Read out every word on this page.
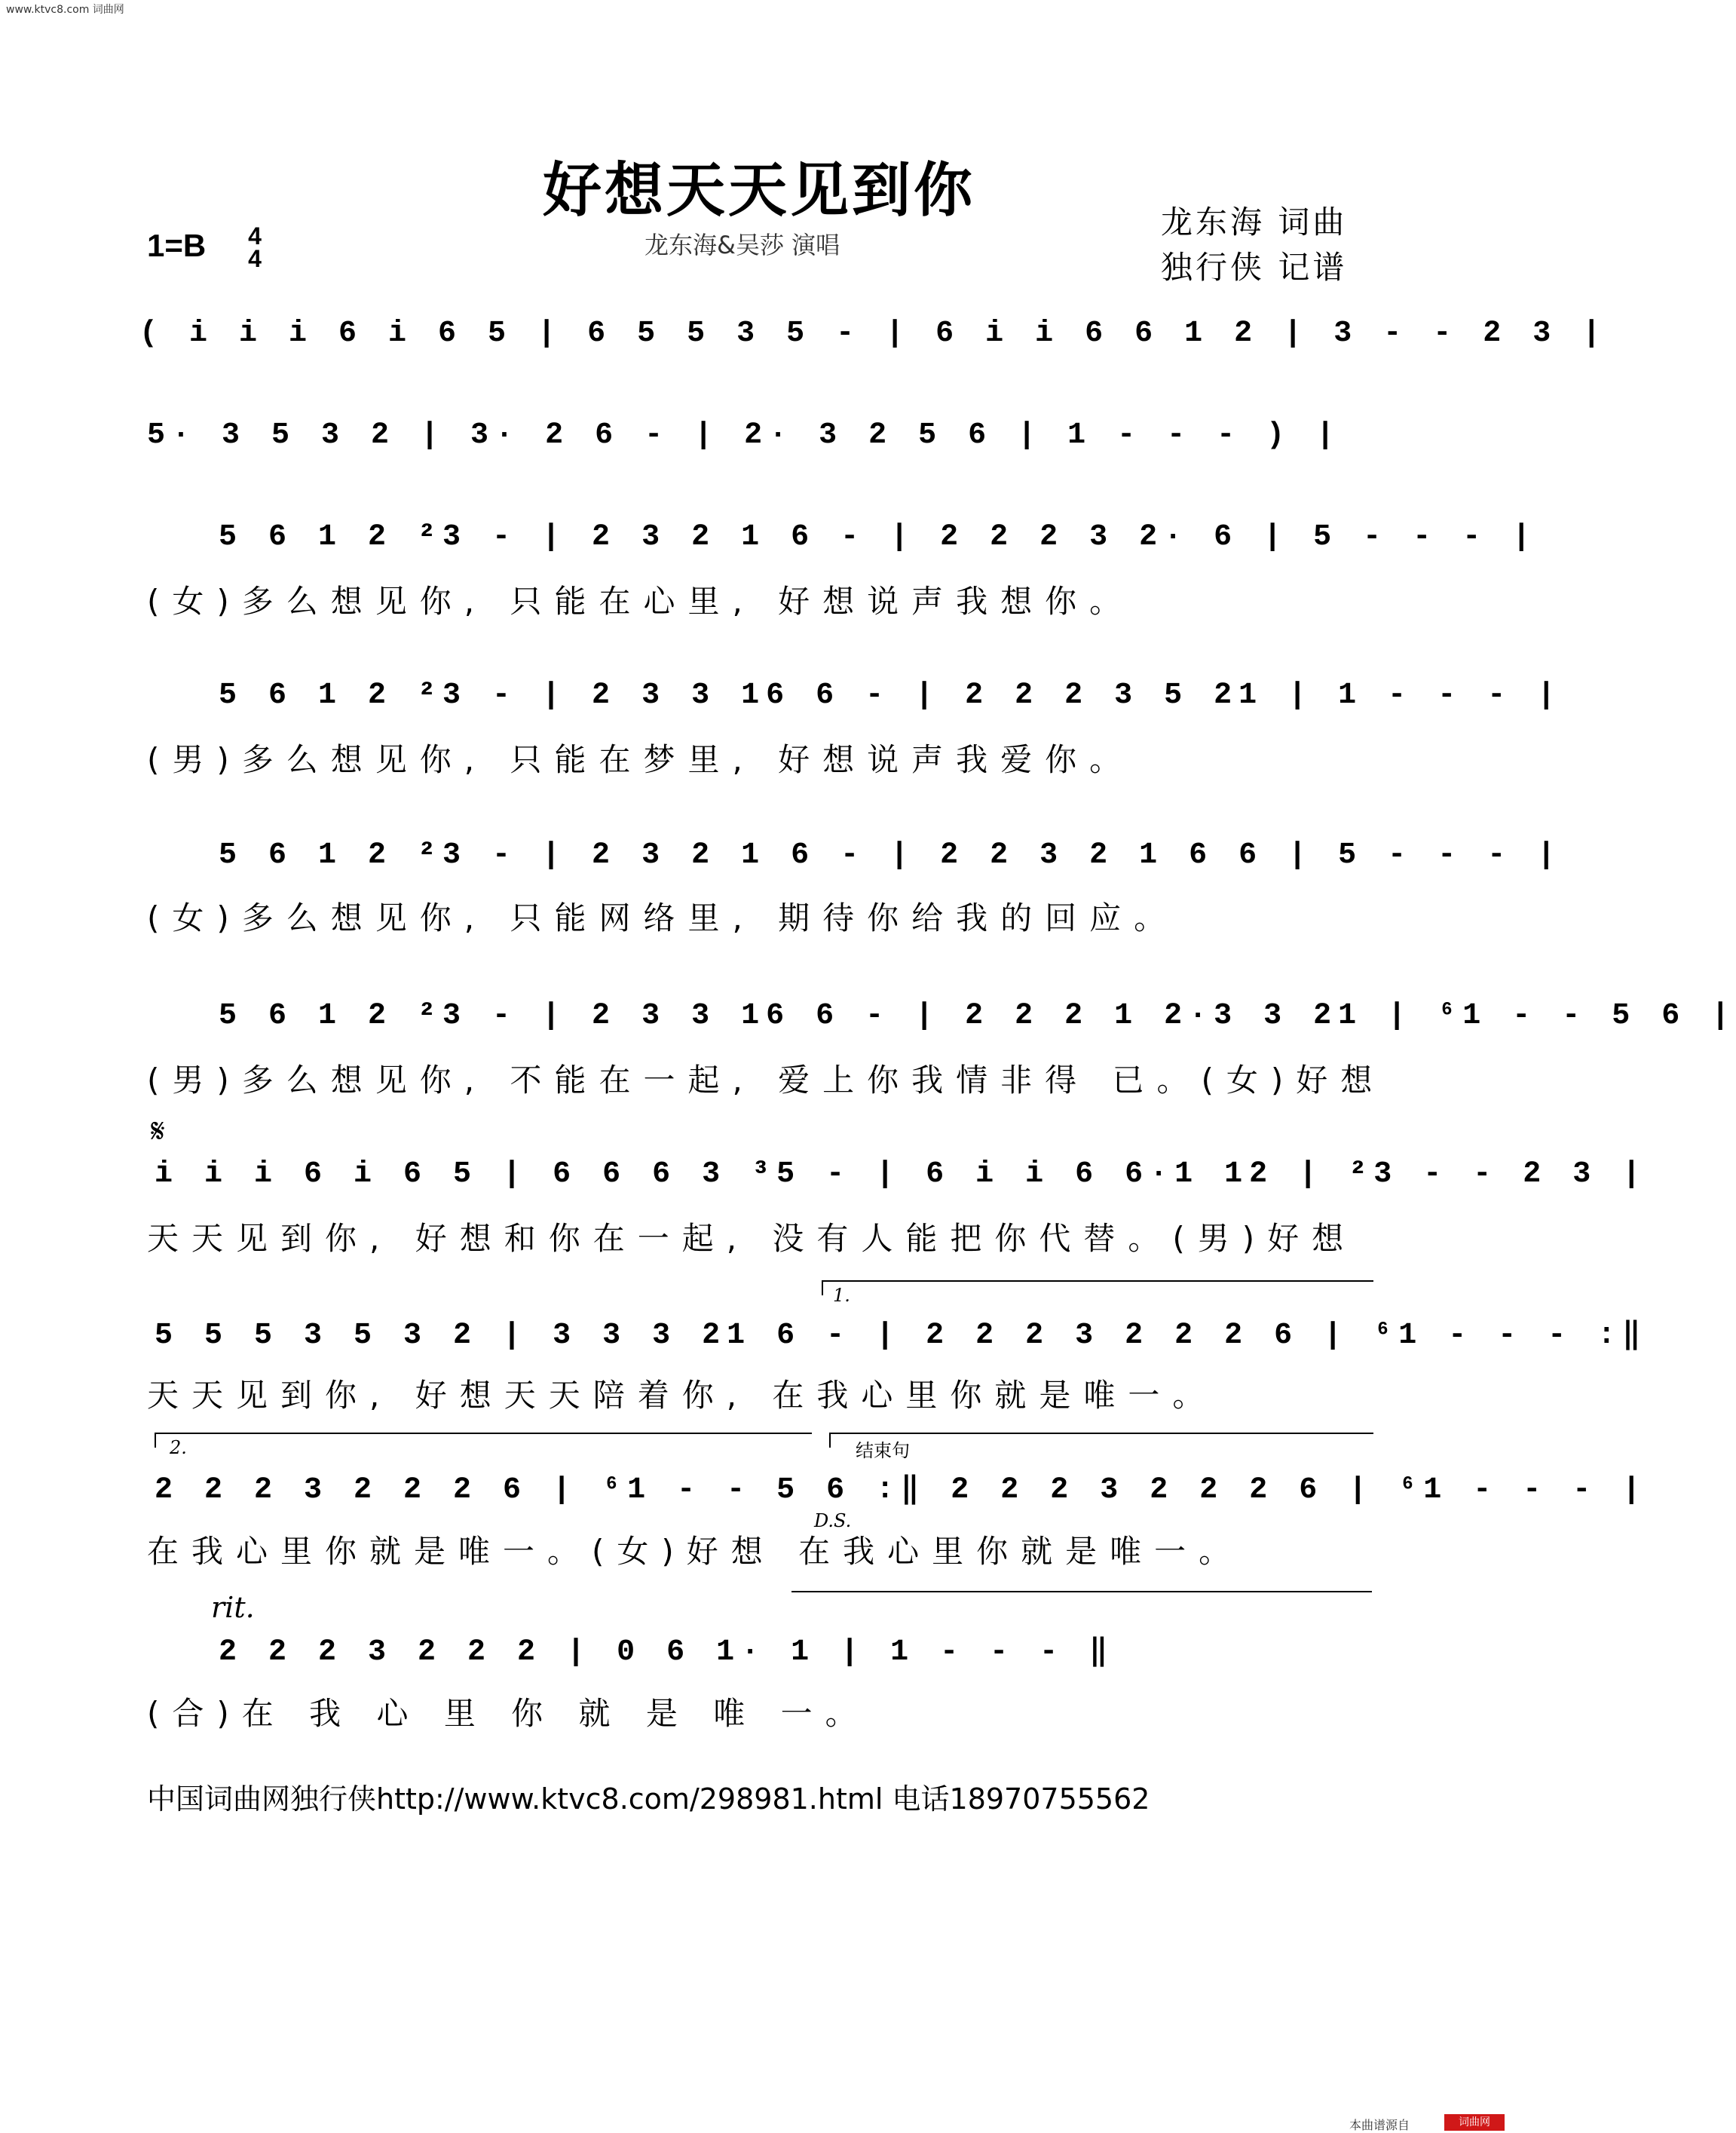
www.ktvc8.com 词曲网
好想天天见到你
龙东海&吴莎 演唱
龙东海 词曲
独行侠 记谱
1=B	4
4
( i i i 6 i 6 5 | 6 5 5 3 5 - | 6 i i 6 6 1 2 | 3 - - 2 3 |
5· 3 5 3 2 | 3· 2 6 - | 2· 3 2 5 6 | 1 - - - ) |
5 6 1 2 ²3 - | 2 3 2 1 6 - | 2 2 2 3 2· 6 | 5 - - - |
(女)多么想见你, 只能在心里, 好想说声我想你。
5 6 1 2 ²3 - | 2 3 3 16 6 - | 2 2 2 3 5 21 | 1 - - - |
(男)多么想见你, 只能在梦里, 好想说声我爱你。
5 6 1 2 ²3 - | 2 3 2 1 6 - | 2 2 3 2 1 6 6 | 5 - - - |
(女)多么想见你, 只能网络里, 期待你给我的回应。
5 6 1 2 ²3 - | 2 3 3 16 6 - | 2 2 2 1 2·3 3 21 | ⁶1 - - 5 6 |
(男)多么想见你, 不能在一起, 爱上你我情非得 已。(女)好想
𝄋
i i i 6 i 6 5 | 6 6 6 3 ³5 - | 6 i i 6 6·1 12 | ²3 - - 2 3 |
天天见到你, 好想和你在一起, 没有人能把你代替。(男)好想
1.
5 5 5 3 5 3 2 | 3 3 3 21 6 - | 2 2 2 3 2 2 2 6 | ⁶1 - - - :‖
天天见到你, 好想天天陪着你, 在我心里你就是唯一。
2.	结束句
2 2 2 3 2 2 2 6 | ⁶1 - - 5 6 :‖ 2 2 2 3 2 2 2 6 | ⁶1 - - - |
D.S.
在我心里你就是唯一。(女)好想 在我心里你就是唯一。
rit.
2 2 2 3 2 2 2 | 0 6 1· 1 | 1 - - - ‖
(合)在 我 心 里 你 就 是 唯 一。
中国词曲网独行侠http://www.ktvc8.com/298981.html 电话18970755562
本曲谱源自	词曲网
